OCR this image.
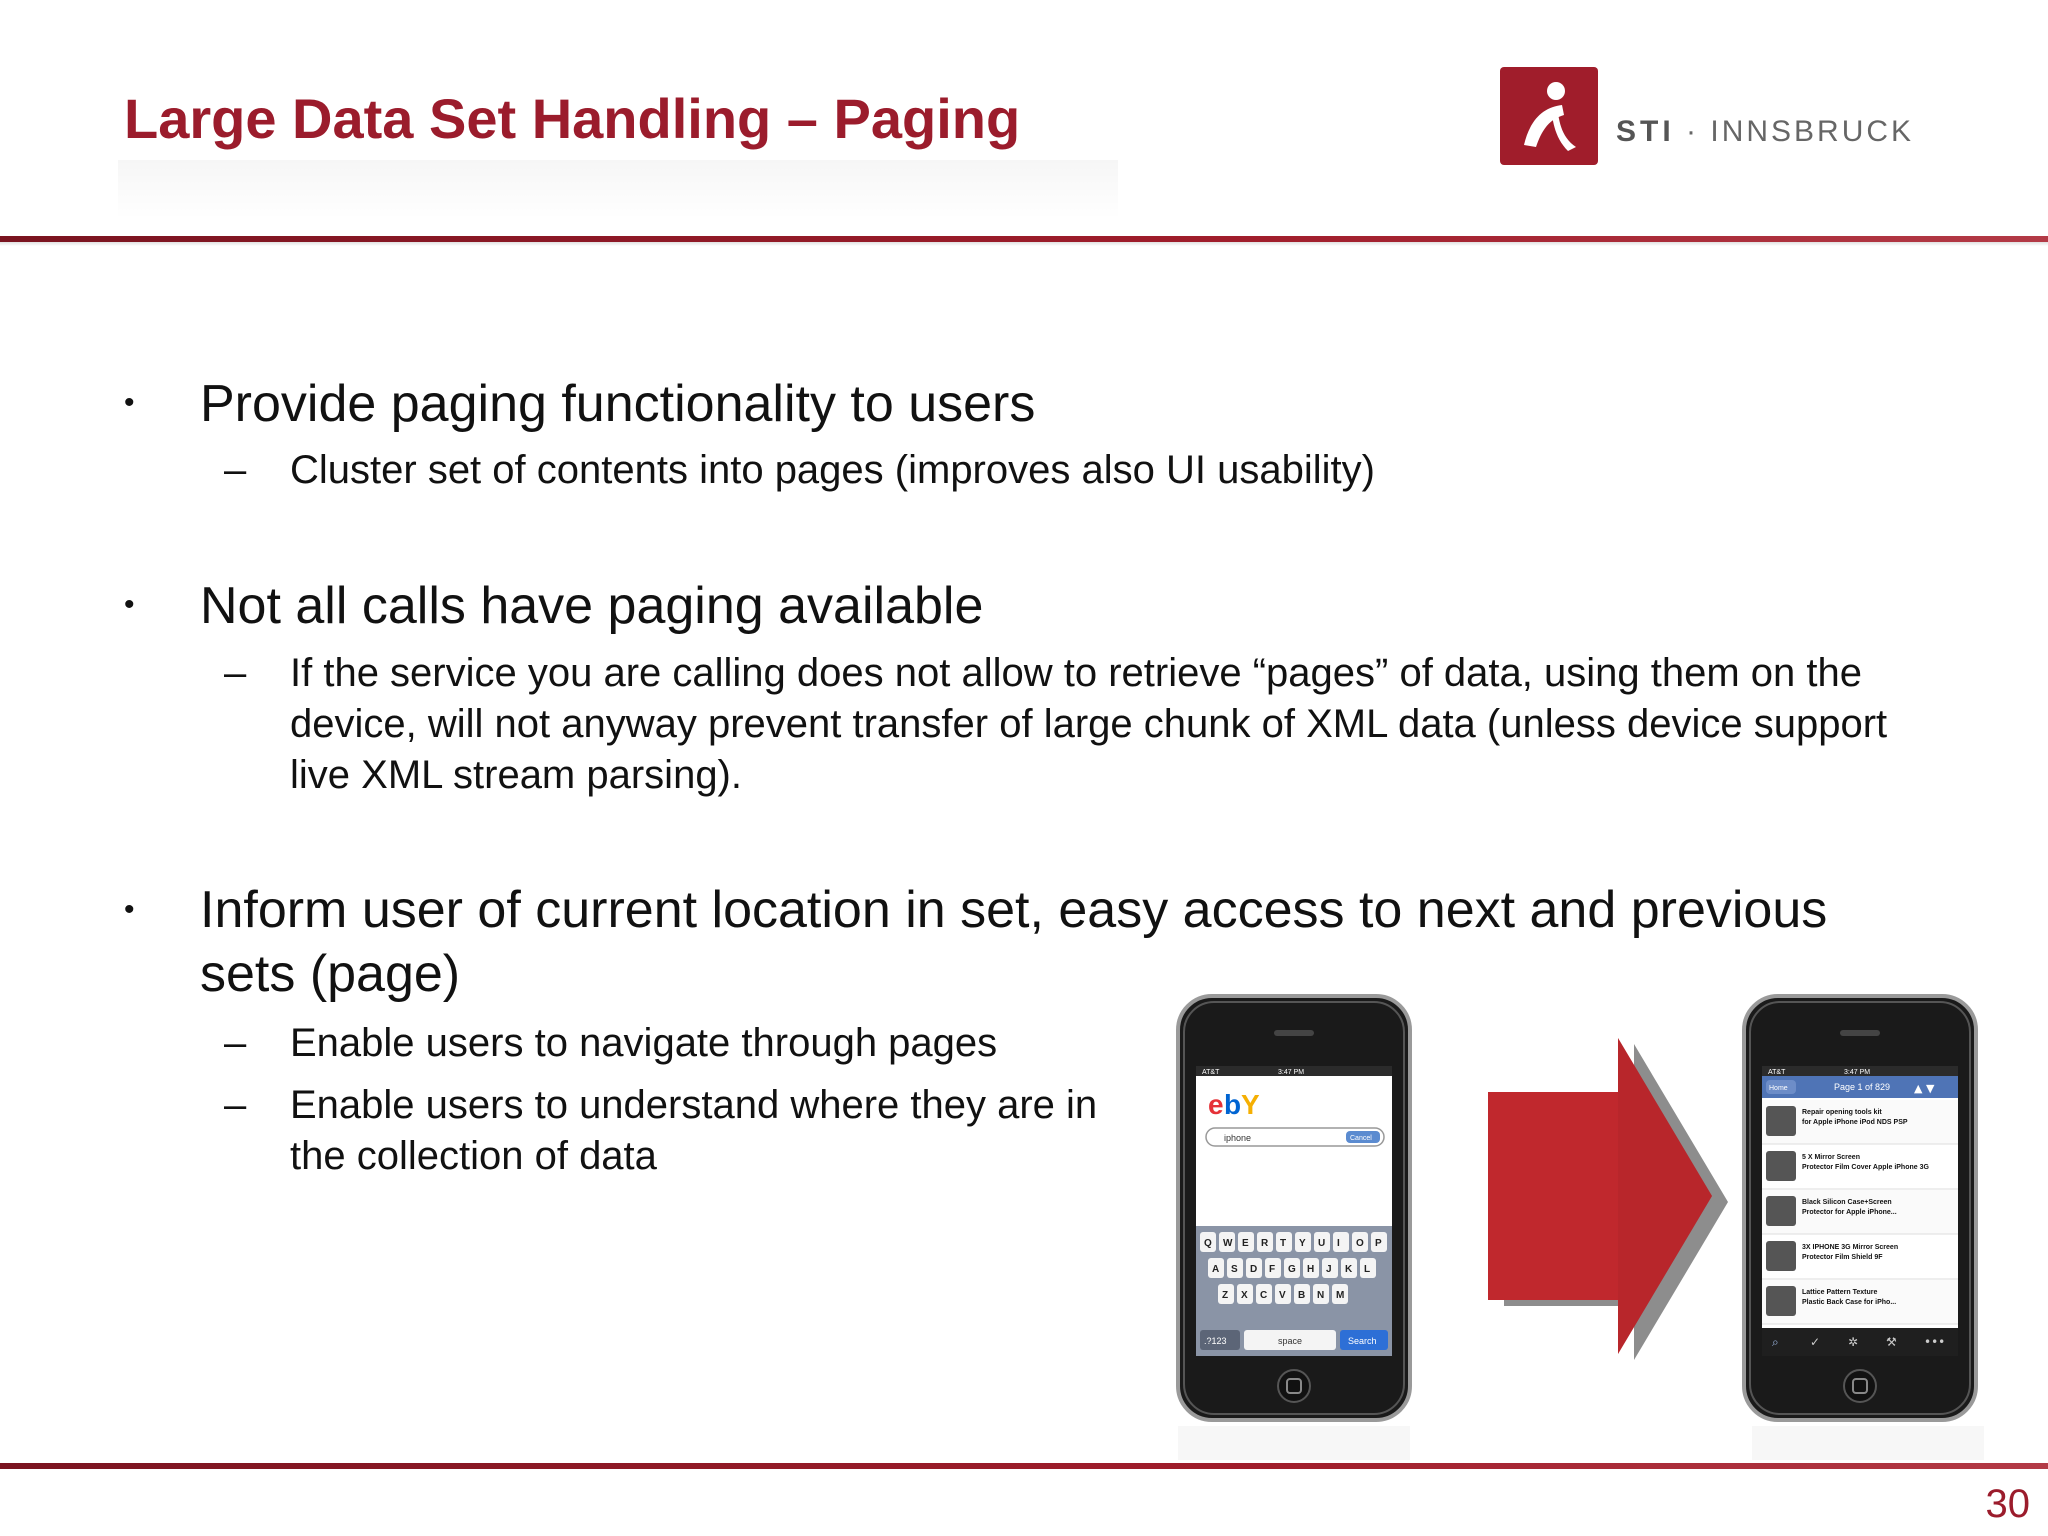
Large Data Set Handling – Paging	STI · INNSBRUCK
• Provide paging functionality to users
– Cluster set of contents into pages (improves also UI usability)
• Not all calls have paging available
– If the service you are calling does not allow to retrieve “pages” of data, using them on the device, will not anyway prevent transfer of large chunk of XML data (unless device support live XML stream parsing).
• Inform user of current location in set, easy access to next and previous sets (page)
– Enable users to navigate through pages
– Enable users to understand where they are in the collection of data
AT&T	3:47 PM
e b Y
iphone	Cancel
Q W E R T Y U I O P
A S D F G H J K L
Z X C V B N M
.?123	space	Search
AT&T	3:47 PM
Home	Page 1 of 829 ▲ ▼
Repair opening tools kit
for Apple iPhone iPod NDS PSP
5 X Mirror Screen
Protector Film Cover Apple iPhone 3G
Black Silicon Case+Screen
Protector for Apple iPhone...
3X IPHONE 3G Mirror Screen
Protector Film Shield 9F
Lattice Pattern Texture
Plastic Back Case for iPho...
⌕	✓ ✲ ⚒ •••
30
